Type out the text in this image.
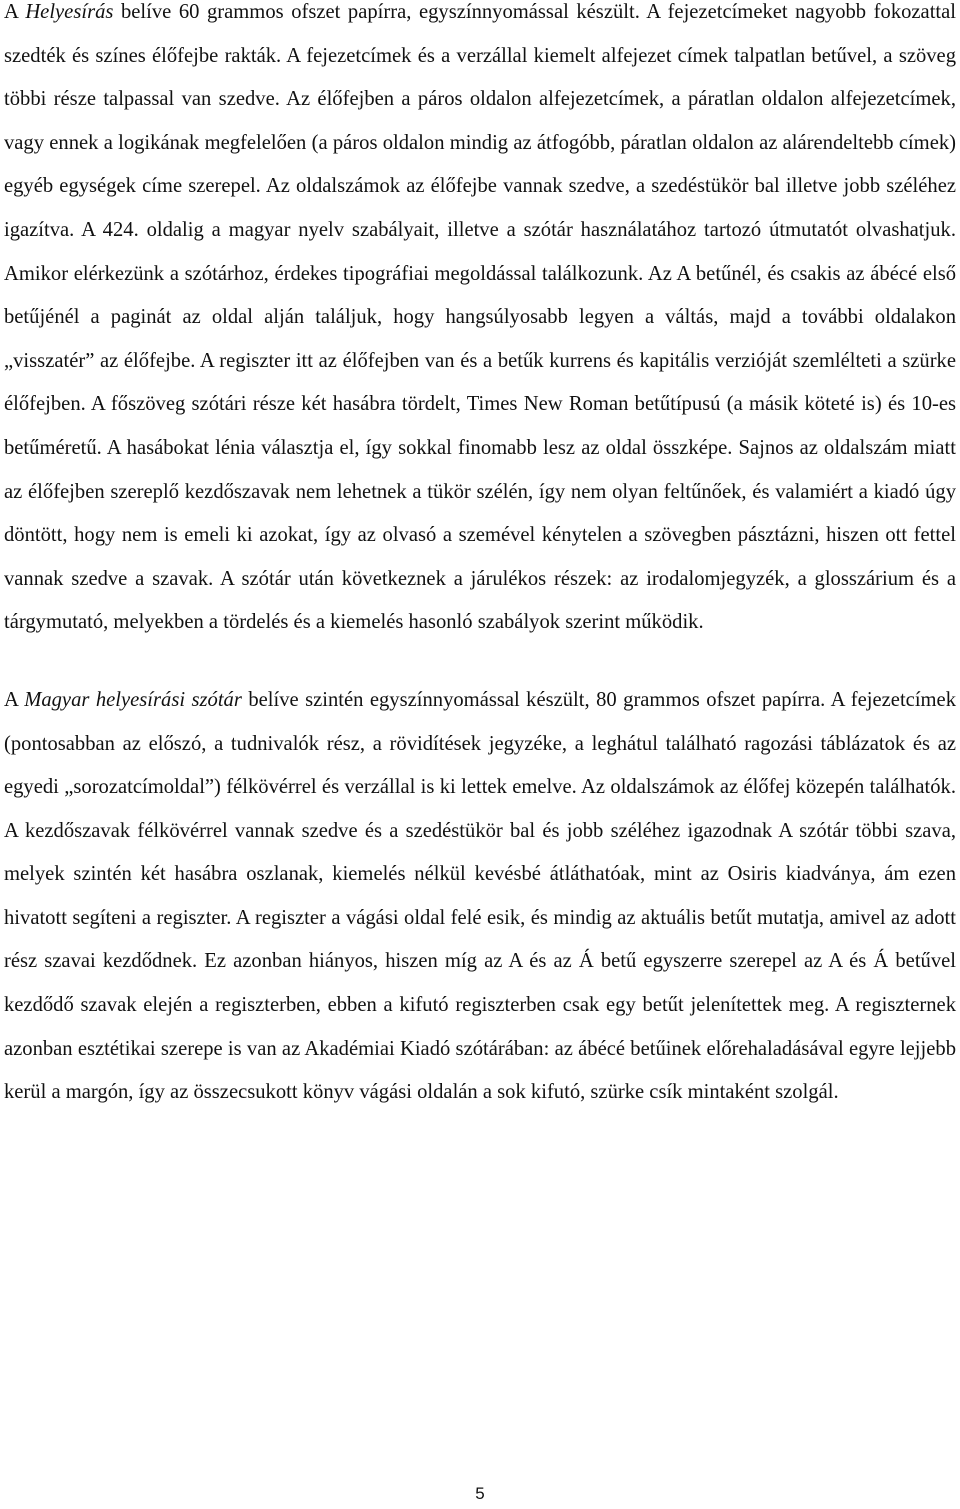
A Helyesírás belíve 60 grammos ofszet papírra, egyszínnyomással készült. A fejezetcímeket nagyobb fokozattal szedték és színes élőfejbe rakták. A fejezetcímek és a verzállal kiemelt alfejezet címek talpatlan betűvel, a szöveg többi része talpassal van szedve. Az élőfejben a páros oldalon alfejezetcímek, a páratlan oldalon alfejezetcímek, vagy ennek a logikának megfelelően (a páros oldalon mindig az átfogóbb, páratlan oldalon az alárendeltebb címek) egyéb egységek címe szerepel. Az oldalszámok az élőfejbe vannak szedve, a szedéstükör bal illetve jobb széléhez igazítva. A 424. oldalig a magyar nyelv szabályait, illetve a szótár használatához tartozó útmutatót olvashatjuk. Amikor elérkezünk a szótárhoz, érdekes tipográfiai megoldással találkozunk. Az A betűnél, és csakis az ábécé első betűjénél a paginát az oldal alján találjuk, hogy hangsúlyosabb legyen a váltás, majd a további oldalakon „visszatér” az élőfejbe. A regiszter itt az élőfejben van és a betűk kurrens és kapitális verzióját szemlélteti a szürke élőfejben. A főszöveg szótári része két hasábra tördelt, Times New Roman betűtípusú (a másik köteté is) és 10-es betűméretű. A hasábokat lénia választja el, így sokkal finomabb lesz az oldal összképe. Sajnos az oldalszám miatt az élőfejben szereplő kezdőszavak nem lehetnek a tükör szélén, így nem olyan feltűnőek, és valamiért a kiadó úgy döntött, hogy nem is emeli ki azokat, így az olvasó a szemével kénytelen a szövegben pásztázni, hiszen ott fettel vannak szedve a szavak. A szótár után következnek a járulékos részek: az irodalomjegyzék, a glosszárium és a tárgymutató, melyekben a tördelés és a kiemelés hasonló szabályok szerint működik.

A Magyar helyesírási szótár belíve szintén egyszínnyomással készült, 80 grammos ofszet papírra. A fejezetcímek (pontosabban az előszó, a tudnivalók rész, a rövidítések jegyzéke, a leghátul található ragozási táblázatok és az egyedi „sorozatcímoldal”) félkövérrel és verzállal is ki lettek emelve. Az oldalszámok az élőfej közepén találhatók. A kezdőszavak félkövérrel vannak szedve és a szedéstükör bal és jobb széléhez igazodnak A szótár többi szava, melyek szintén két hasábra oszlanak, kiemelés nélkül kevésbé átláthatóak, mint az Osiris kiadványa, ám ezen hivatott segíteni a regiszter. A regiszter a vágási oldal felé esik, és mindig az aktuális betűt mutatja, amivel az adott rész szavai kezdődnek. Ez azonban hiányos, hiszen míg az A és az Á betű egyszerre szerepel az A és Á betűvel kezdődő szavak elején a regiszterben, ebben a kifutó regiszterben csak egy betűt jelenítettek meg. A regiszternek azonban esztétikai szerepe is van az Akadémiai Kiadó szótárában: az ábécé betűinek előrehaladásával egyre lejjebb kerül a margón, így az összecsukott könyv vágási oldalán a sok kifutó, szürke csík mintaként szolgál.

5
